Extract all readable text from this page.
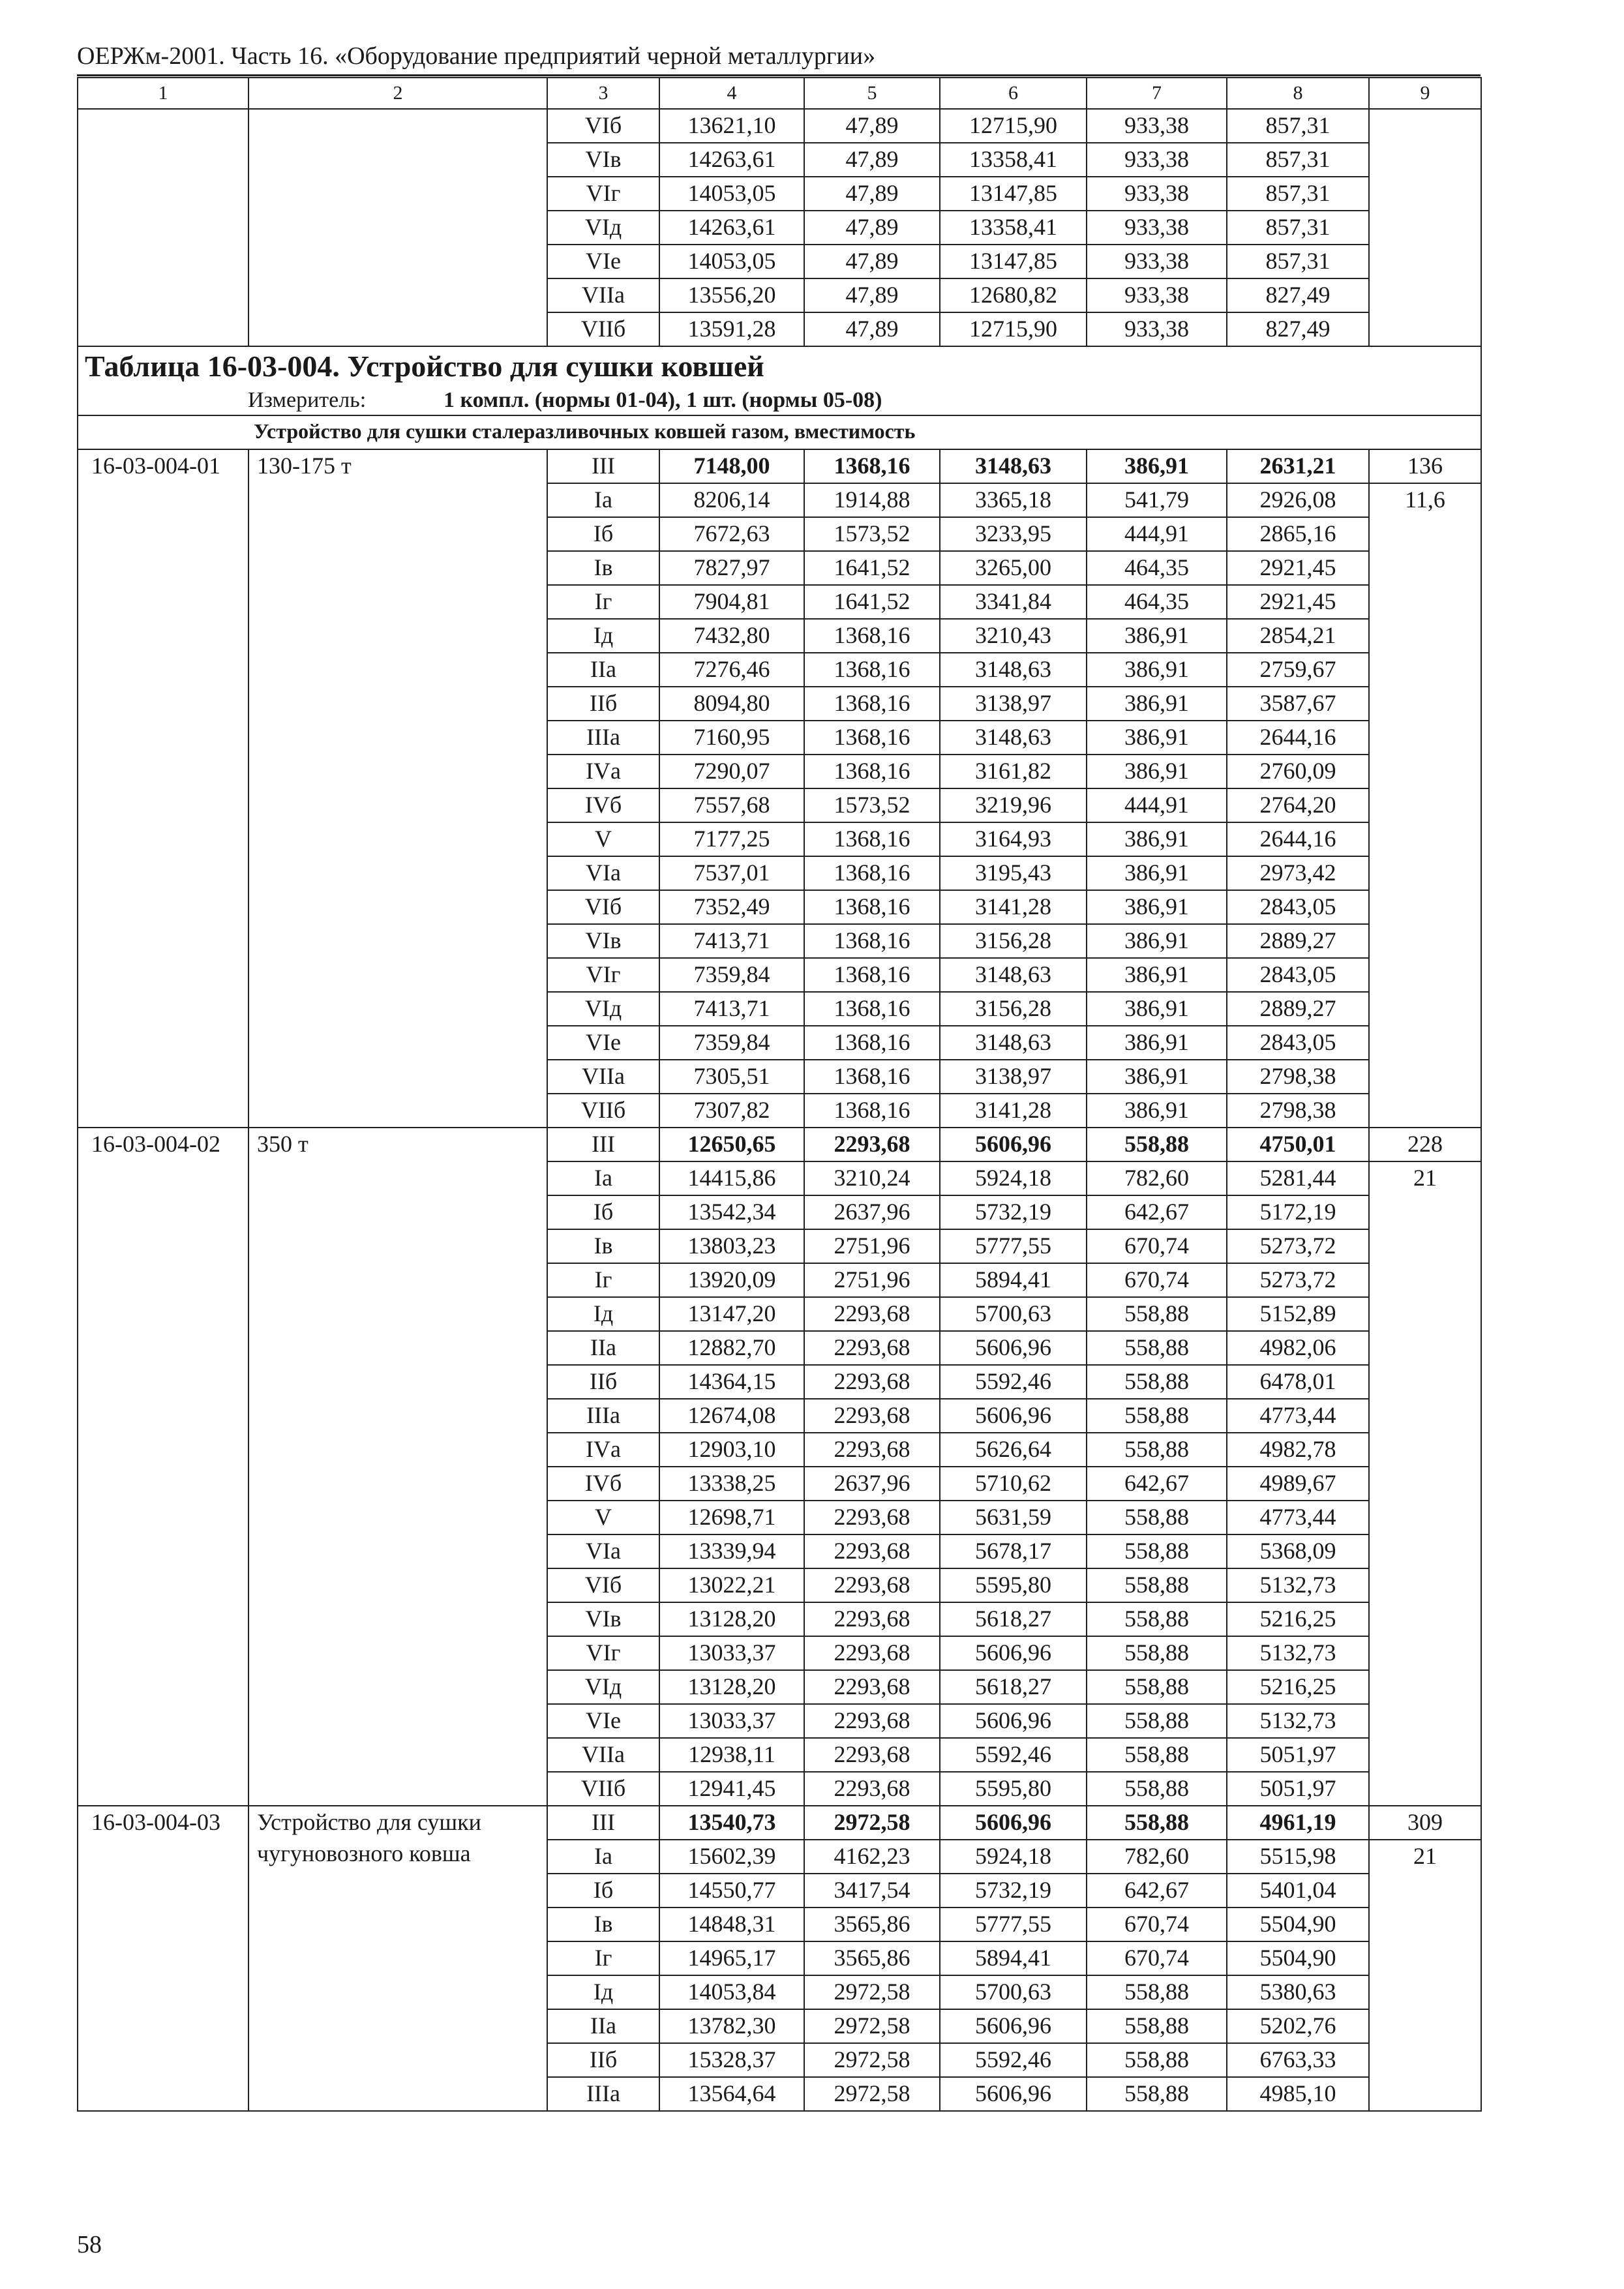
ОЕРЖм-2001. Часть 16. «Оборудование предприятий черной металлургии»
1	2	3	4	5	6	7	8	9
		VIб	13621,10	47,89	12715,90	933,38	857,31	
		VIв	14263,61	47,89	13358,41	933,38	857,31	
		VIг	14053,05	47,89	13147,85	933,38	857,31	
		VIд	14263,61	47,89	13358,41	933,38	857,31	
		VIе	14053,05	47,89	13147,85	933,38	857,31	
		VIIа	13556,20	47,89	12680,82	933,38	827,49	
		VIIб	13591,28	47,89	12715,90	933,38	827,49	
Таблица 16-03-004. Устройство для сушки ковшей								
Измеритель: 1 компл. (нормы 01-04), 1 шт. (нормы 05-08)								
	Устройство для сушки сталеразливочных ковшей газом, вместимость							
16-03-004-01	130-175 т	III	7148,00	1368,16	3148,63	386,91	2631,21	136
		Iа	8206,14	1914,88	3365,18	541,79	2926,08	11,6
		Iб	7672,63	1573,52	3233,95	444,91	2865,16	
		Iв	7827,97	1641,52	3265,00	464,35	2921,45	
		Iг	7904,81	1641,52	3341,84	464,35	2921,45	
		Iд	7432,80	1368,16	3210,43	386,91	2854,21	
		IIа	7276,46	1368,16	3148,63	386,91	2759,67	
		IIб	8094,80	1368,16	3138,97	386,91	3587,67	
		IIIа	7160,95	1368,16	3148,63	386,91	2644,16	
		IVа	7290,07	1368,16	3161,82	386,91	2760,09	
		IVб	7557,68	1573,52	3219,96	444,91	2764,20	
		V	7177,25	1368,16	3164,93	386,91	2644,16	
		VIа	7537,01	1368,16	3195,43	386,91	2973,42	
		VIб	7352,49	1368,16	3141,28	386,91	2843,05	
		VIв	7413,71	1368,16	3156,28	386,91	2889,27	
		VIг	7359,84	1368,16	3148,63	386,91	2843,05	
		VIд	7413,71	1368,16	3156,28	386,91	2889,27	
		VIе	7359,84	1368,16	3148,63	386,91	2843,05	
		VIIа	7305,51	1368,16	3138,97	386,91	2798,38	
		VIIб	7307,82	1368,16	3141,28	386,91	2798,38	
16-03-004-02	350 т	III	12650,65	2293,68	5606,96	558,88	4750,01	228
		Iа	14415,86	3210,24	5924,18	782,60	5281,44	21
		Iб	13542,34	2637,96	5732,19	642,67	5172,19	
		Iв	13803,23	2751,96	5777,55	670,74	5273,72	
		Iг	13920,09	2751,96	5894,41	670,74	5273,72	
		Iд	13147,20	2293,68	5700,63	558,88	5152,89	
		IIа	12882,70	2293,68	5606,96	558,88	4982,06	
		IIб	14364,15	2293,68	5592,46	558,88	6478,01	
		IIIа	12674,08	2293,68	5606,96	558,88	4773,44	
		IVа	12903,10	2293,68	5626,64	558,88	4982,78	
		IVб	13338,25	2637,96	5710,62	642,67	4989,67	
		V	12698,71	2293,68	5631,59	558,88	4773,44	
		VIа	13339,94	2293,68	5678,17	558,88	5368,09	
		VIб	13022,21	2293,68	5595,80	558,88	5132,73	
		VIв	13128,20	2293,68	5618,27	558,88	5216,25	
		VIг	13033,37	2293,68	5606,96	558,88	5132,73	
		VIд	13128,20	2293,68	5618,27	558,88	5216,25	
		VIе	13033,37	2293,68	5606,96	558,88	5132,73	
		VIIа	12938,11	2293,68	5592,46	558,88	5051,97	
		VIIб	12941,45	2293,68	5595,80	558,88	5051,97	
16-03-004-03	Устройство для сушки чугуновозного ковша	III	13540,73	2972,58	5606,96	558,88	4961,19	309
		Iа	15602,39	4162,23	5924,18	782,60	5515,98	21
		Iб	14550,77	3417,54	5732,19	642,67	5401,04	
		Iв	14848,31	3565,86	5777,55	670,74	5504,90	
		Iг	14965,17	3565,86	5894,41	670,74	5504,90	
		Iд	14053,84	2972,58	5700,63	558,88	5380,63	
		IIа	13782,30	2972,58	5606,96	558,88	5202,76	
		IIб	15328,37	2972,58	5592,46	558,88	6763,33	
		IIIа	13564,64	2972,58	5606,96	558,88	4985,10	
58
